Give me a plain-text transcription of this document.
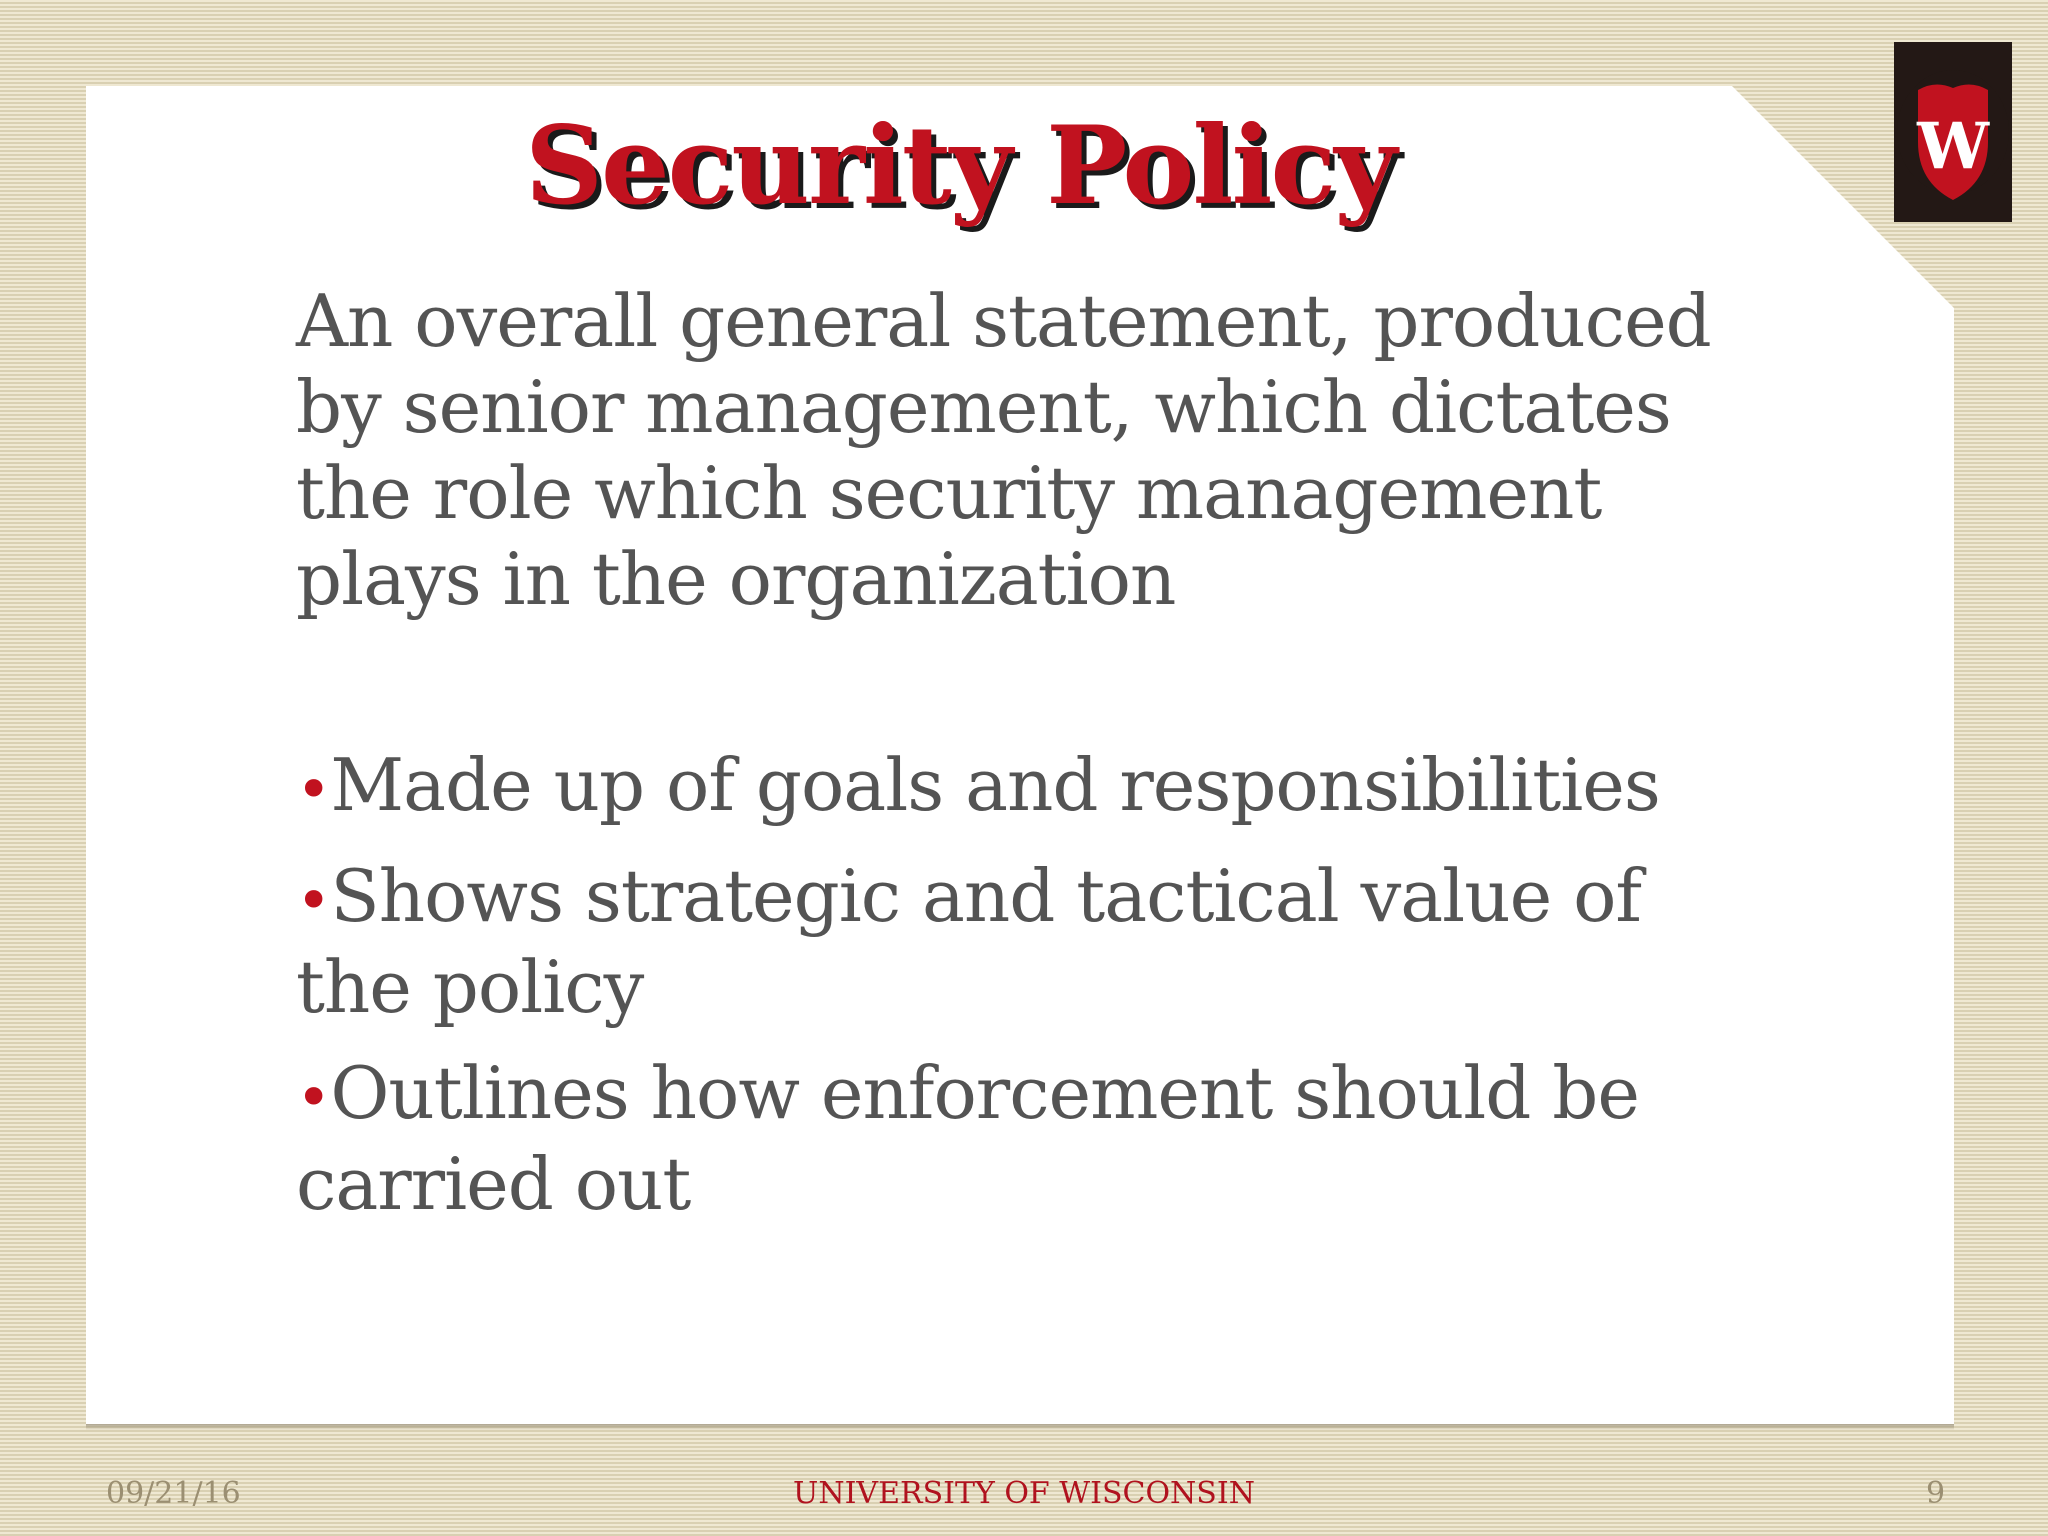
W
Security Policy

An overall general statement, produced by senior management, which dictates the role which security management plays in the organization

•Made up of goals and responsibilities
•Shows strategic and tactical value of the policy
•Outlines how enforcement should be carried out
09/21/16	UNIVERSITY OF WISCONSIN	9
